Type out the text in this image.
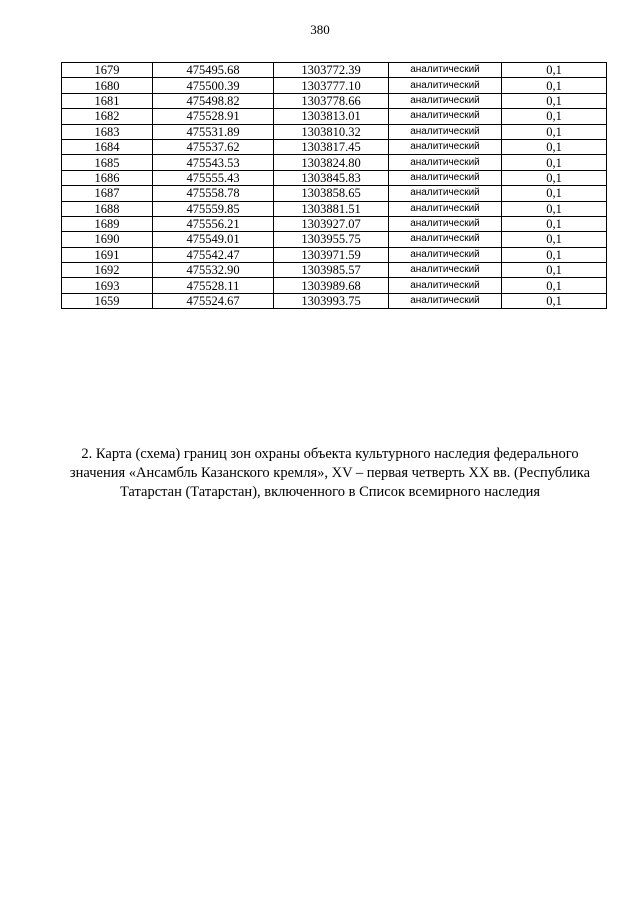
380
1679	475495.68	1303772.39	аналитический	0,1
1680	475500.39	1303777.10	аналитический	0,1
1681	475498.82	1303778.66	аналитический	0,1
1682	475528.91	1303813.01	аналитический	0,1
1683	475531.89	1303810.32	аналитический	0,1
1684	475537.62	1303817.45	аналитический	0,1
1685	475543.53	1303824.80	аналитический	0,1
1686	475555.43	1303845.83	аналитический	0,1
1687	475558.78	1303858.65	аналитический	0,1
1688	475559.85	1303881.51	аналитический	0,1
1689	475556.21	1303927.07	аналитический	0,1
1690	475549.01	1303955.75	аналитический	0,1
1691	475542.47	1303971.59	аналитический	0,1
1692	475532.90	1303985.57	аналитический	0,1
1693	475528.11	1303989.68	аналитический	0,1
1659	475524.67	1303993.75	аналитический	0,1
2. Карта (схема) границ зон охраны объекта культурного наследия федерального
значения «Ансамбль Казанского кремля», XV – первая четверть XX вв. (Республика
Татарстан (Татарстан), включенного в Список всемирного наследия
